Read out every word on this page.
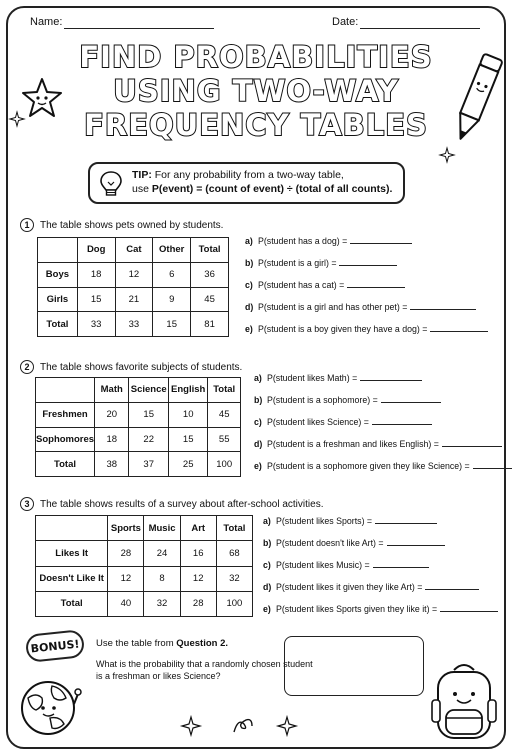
Name:	Date:
FIND PROBABILITIES
USING TWO-WAY
FREQUENCY TABLES
TIP: For any probability from a two-way table,
use P(event) = (count of event) ÷ (total of all counts).
1	The table shows pets owned by students.
	Dog	Cat	Other	Total
Boys	18	12	6	36
Girls	15	21	9	45
Total	33	33	15	81
a) P(student has a dog) =
b) P(student is a girl) =
c) P(student has a cat) =
d) P(student is a girl and has other pet) =
e) P(student is a boy given they have a dog) =
2	The table shows favorite subjects of students.
	Math	Science	English	Total
Freshmen	20	15	10	45
Sophomores	18	22	15	55
Total	38	37	25	100
a) P(student likes Math) =
b) P(student is a sophomore) =
c) P(student likes Science) =
d) P(student is a freshman and likes English) =
e) P(student is a sophomore given they like Science) =
3	The table shows results of a survey about after-school activities.
	Sports	Music	Art	Total
Likes It	28	24	16	68
Doesn't Like It	12	8	12	32
Total	40	32	28	100
a) P(student likes Sports) =
b) P(student doesn't like Art) =
c) P(student likes Music) =
d) P(student likes it given they like Art) =
e) P(student likes Sports given they like it) =
BONUS!	Use the table from Question 2.
What is the probability that a randomly chosen student
is a freshman or likes Science?
